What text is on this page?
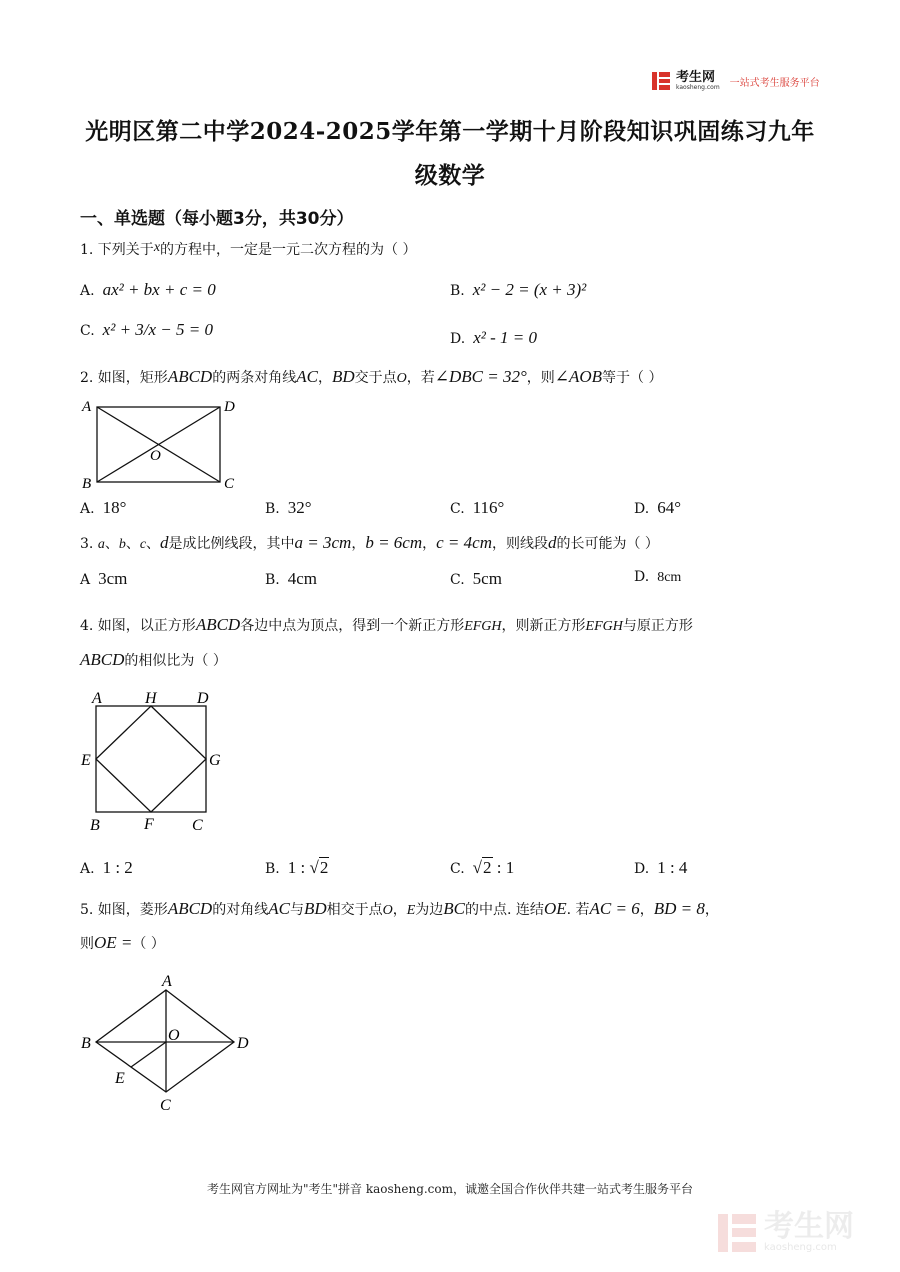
考生网
kaosheng.com 一站式考生服务平台
光明区第二中学2024-2025学年第一学期十月阶段知识巩固练习九年
级数学
一、单选题（每小题3分，共30分）
1. 下列关于x的方程中，一定是一元二次方程的为（ ）
A. ax² + bx + c = 0	B. x² − 2 = (x + 3)²
C. x² + 3/x − 5 = 0	D. x² - 1 = 0
2. 如图，矩形ABCD的两条对角线AC，BD交于点O，若∠DBC = 32°，则∠AOB等于（ ）
A	D
B	C
O
A. 18°	B. 32°	C. 116°	D. 64°
3. a、b、c、d是成比例线段，其中a = 3cm，b = 6cm，c = 4cm，则线段d的长可能为（ ）
A 3cm	B. 4cm	C. 5cm	D. 8cm
4. 如图，以正方形ABCD各边中点为顶点，得到一个新正方形EFGH，则新正方形EFGH与原正方形
ABCD的相似比为（ ）
A	H	D
E	G
B	F C
A. 1 : 2	B. 1 : √2	C. √2 : 1	D. 1 : 4
5. 如图，菱形ABCD的对角线AC与BD相交于点O，E为边BC的中点. 连结OE. 若AC = 6，BD = 8，
则OE =（ ）
A
B	O	D
E
C
考生网官方网址为"考生"拼音 kaosheng.com，诚邀全国合作伙伴共建一站式考生服务平台
考生网
kaosheng.com
